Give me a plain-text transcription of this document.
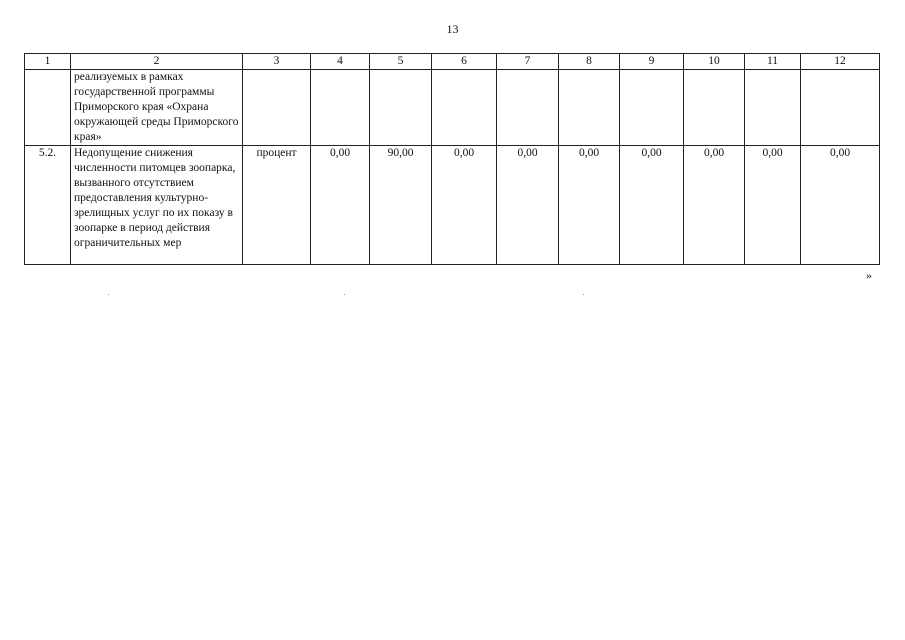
13
1	2	3	4	5	6	7	8	9	10	11	12
	реализуемых в рамках государственной программы Приморского края «Охрана окружающей среды Приморского края»										
5.2.	Недопущение снижения численности питомцев зоопарка, вызванного отсутствием предоставления культурно-зрелищных услуг по их показу в зоопарке в период действия ограничительных мер	процент	0,00	90,00	0,00	0,00	0,00	0,00	0,00	0,00	0,00
»
